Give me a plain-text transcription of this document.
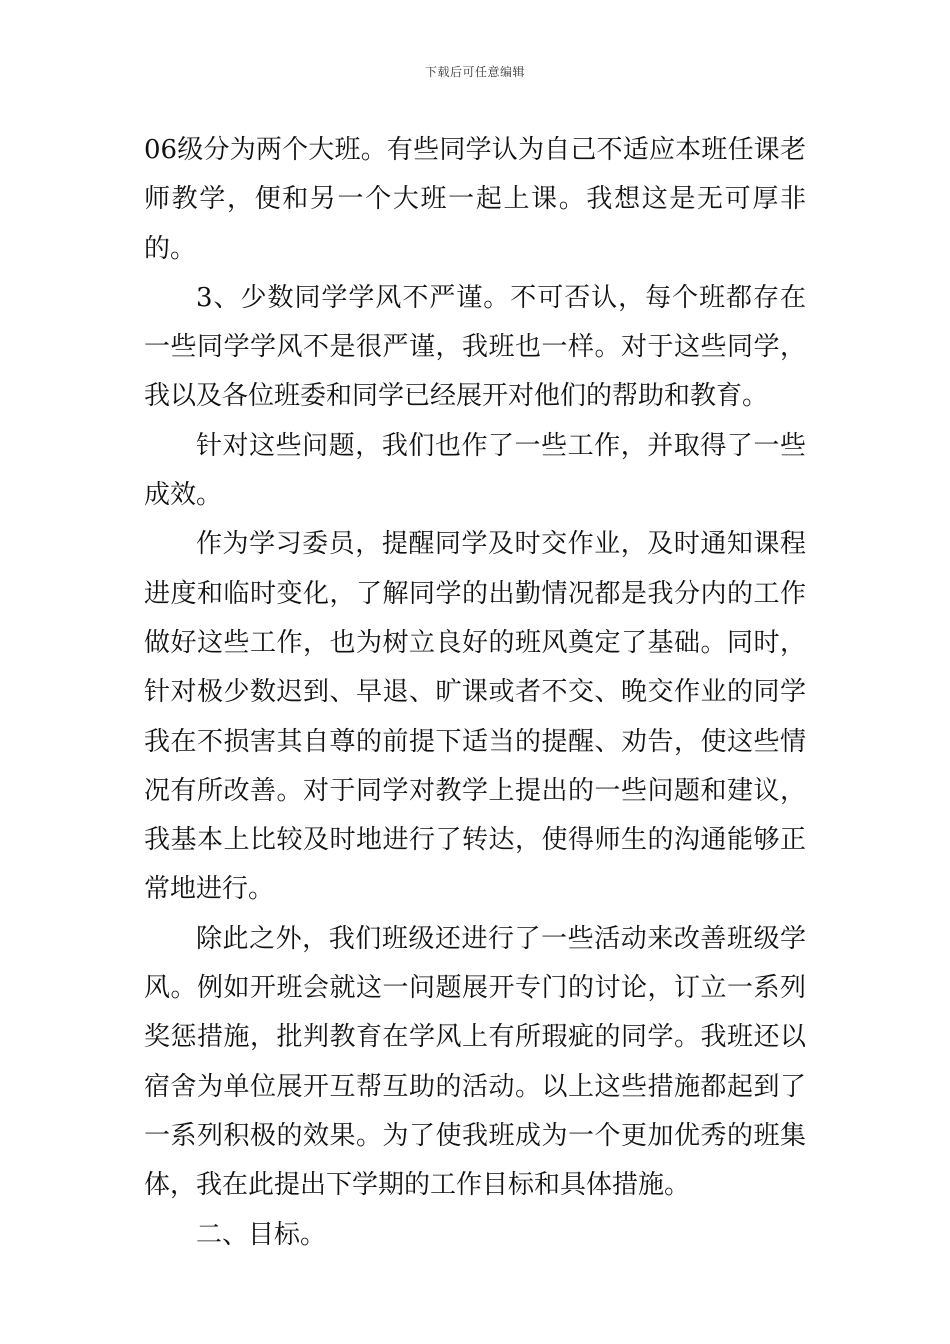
下载后可任意编辑

06级分为两个大班。有些同学认为自己不适应本班任课老师教学，便和另一个大班一起上课。我想这是无可厚非的。

3、少数同学学风不严谨。不可否认，每个班都存在一些同学学风不是很严谨，我班也一样。对于这些同学，我以及各位班委和同学已经展开对他们的帮助和教育。

针对这些问题，我们也作了一些工作，并取得了一些成效。

作为学习委员，提醒同学及时交作业，及时通知课程进度和临时变化，了解同学的出勤情况都是我分内的工作做好这些工作，也为树立良好的班风奠定了基础。同时，针对极少数迟到、早退、旷课或者不交、晚交作业的同学我在不损害其自尊的前提下适当的提醒、劝告，使这些情况有所改善。对于同学对教学上提出的一些问题和建议，我基本上比较及时地进行了转达，使得师生的沟通能够正常地进行。

除此之外，我们班级还进行了一些活动来改善班级学风。例如开班会就这一问题展开专门的讨论，订立一系列奖惩措施，批判教育在学风上有所瑕疵的同学。我班还以宿舍为单位展开互帮互助的活动。以上这些措施都起到了一系列积极的效果。为了使我班成为一个更加优秀的班集体，我在此提出下学期的工作目标和具体措施。

二、目标。
